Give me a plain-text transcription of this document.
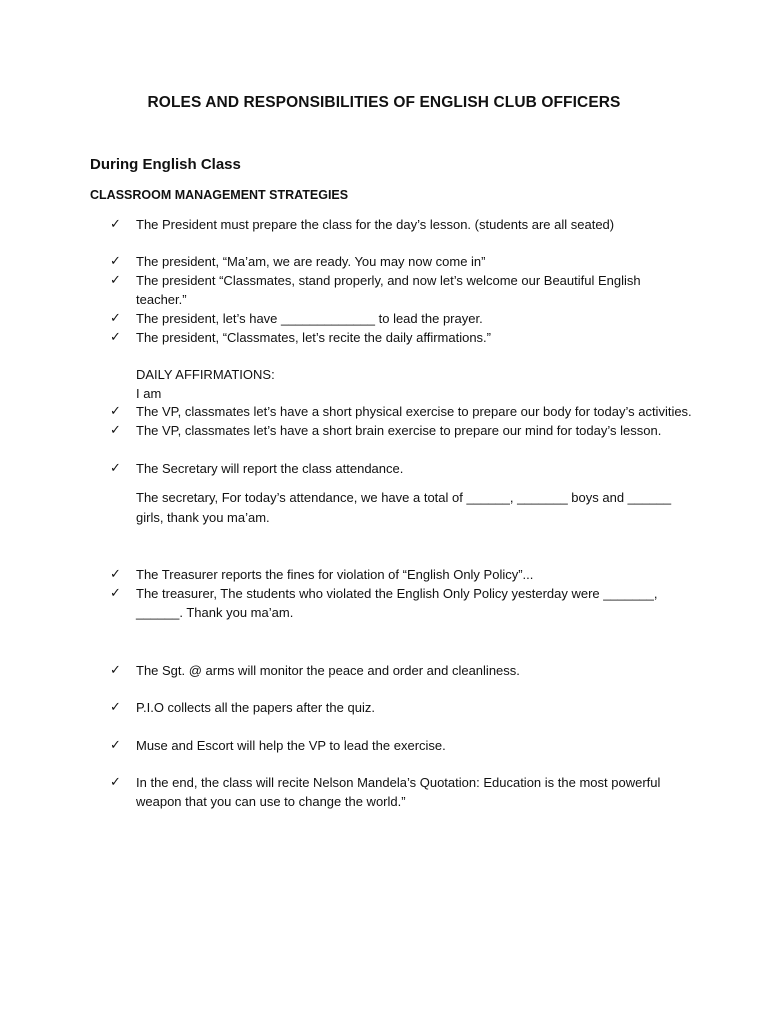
ROLES AND RESPONSIBILITIES OF ENGLISH CLUB OFFICERS
During English Class
CLASSROOM MANAGEMENT STRATEGIES
✓
✓
✓
✓
✓
✓
✓
✓
✓
✓
✓
✓
✓
✓
The President must prepare the class for the day’s lesson. (students are all seated)
The president, “Ma’am, we are ready. You may now come in”
The president “Classmates, stand properly, and now let’s welcome our Beautiful English
teacher.”
The president, let’s have _____________ to lead the prayer.
The president, “Classmates, let’s recite the daily affirmations.”
DAILY AFFIRMATIONS:
I am
The VP, classmates let’s have a short physical exercise to prepare our body for today’s activities.
The VP, classmates let’s have a short brain exercise to prepare our mind for today’s lesson.
The Secretary will report the class attendance.
The secretary, For today’s attendance, we have a total of ______, _______ boys and ______
girls, thank you ma’am.
The Treasurer reports the fines for violation of “English Only Policy”...
The treasurer, The students who violated the English Only Policy yesterday were _______,
______. Thank you ma’am.
The Sgt. @ arms will monitor the peace and order and cleanliness.
P.I.O collects all the papers after the quiz.
Muse and Escort will help the VP to lead the exercise.
In the end, the class will recite Nelson Mandela’s Quotation: Education is the most powerful
weapon that you can use to change the world.”
